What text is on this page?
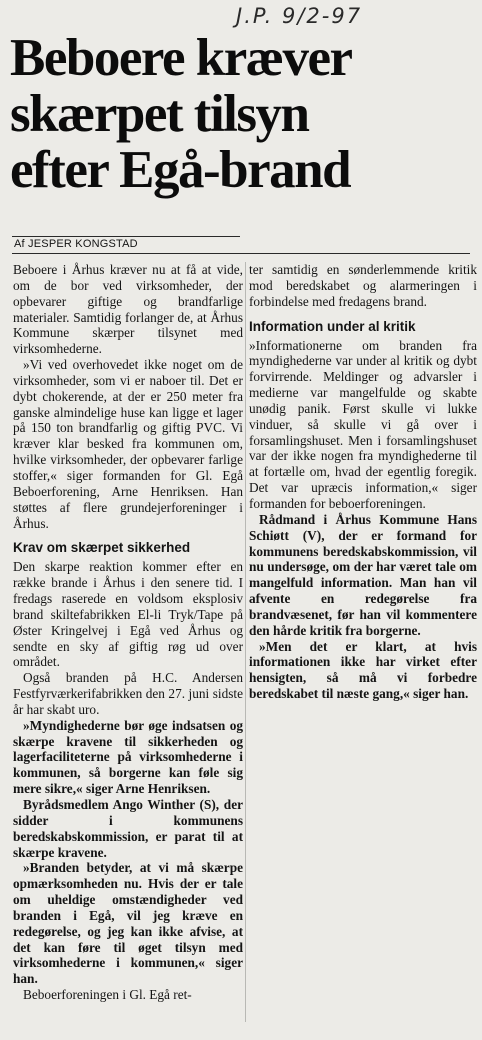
J.P. 9/2-97
Beboere kræver
skærpet tilsyn
efter Egå-brand
Af JESPER KONGSTAD

Beboere i Århus kræver nu at få at vide, om de bor ved virksomheder, der opbevarer giftige og brandfarlige materialer. Samtidig forlanger de, at Århus Kommune skærper tilsynet med virksomhederne.

»Vi ved overhovedet ikke noget om de virksomheder, som vi er naboer til. Det er dybt chokerende, at der er 250 meter fra ganske almindelige huse kan ligge et lager på 150 ton brandfarlig og giftig PVC. Vi kræver klar besked fra kommunen om, hvilke virksomheder, der opbevarer farlige stoffer,« siger formanden for Gl. Egå Beboerforening, Arne Henriksen. Han støttes af flere grundejerforeninger i Århus.

Krav om skærpet sikkerhed

Den skarpe reaktion kommer efter en række brande i Århus i den senere tid. I fredags raserede en voldsom eksplosiv brand skiltefabrikken El-li Tryk/Tape på Øster Kringelvej i Egå ved Århus og sendte en sky af giftig røg ud over området.

Også branden på H.C. Andersen Festfyrværkerifabrikken den 27. juni sidste år har skabt uro.

»Myndighederne bør øge indsatsen og skærpe kravene til sikkerheden og lagerfaciliteterne på virksomhederne i kommunen, så borgerne kan føle sig mere sikre,« siger Arne Henriksen.

Byrådsmedlem Ango Winther (S), der sidder i kommunens beredskabskommission, er parat til at skærpe kravene.

»Branden betyder, at vi må skærpe opmærksomheden nu. Hvis der er tale om uheldige omstændigheder ved branden i Egå, vil jeg kræve en redegørelse, og jeg kan ikke afvise, at det kan føre til øget tilsyn med virksomhederne i kommunen,« siger han.

Beboerforeningen i Gl. Egå ret-

ter samtidig en sønderlemmende kritik mod beredskabet og alarmeringen i forbindelse med fredagens brand.

Information under al kritik

»Informationerne om branden fra myndighederne var under al kritik og dybt forvirrende. Meldinger og advarsler i medierne var mangelfulde og skabte unødig panik. Først skulle vi lukke vinduer, så skulle vi gå over i forsamlingshuset. Men i forsamlingshuset var der ikke nogen fra myndighederne til at fortælle om, hvad der egentlig foregik. Det var upræcis information,« siger formanden for beboerforeningen.

Rådmand i Århus Kommune Hans Schiøtt (V), der er formand for kommunens beredskabskommission, vil nu undersøge, om der har været tale om mangelfuld information. Man han vil afvente en redegørelse fra brandvæsenet, før han vil kommentere den hårde kritik fra borgerne.

»Men det er klart, at hvis informationen ikke har virket efter hensigten, så må vi forbedre beredskabet til næste gang,« siger han.
